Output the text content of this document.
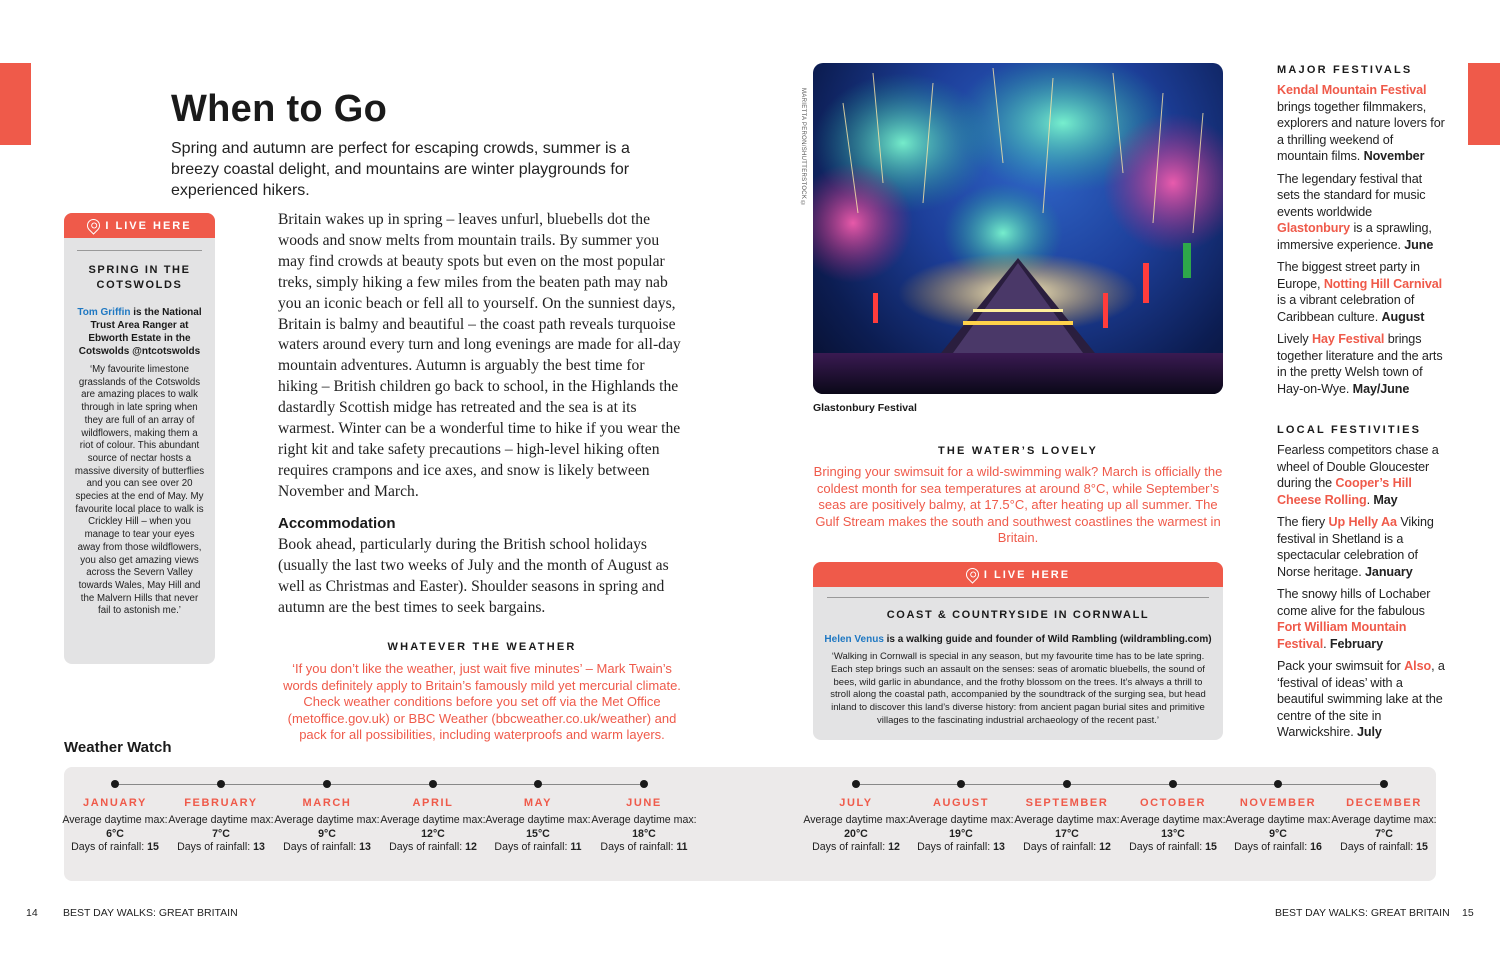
When to Go

Spring and autumn are perfect for escaping crowds, summer is a breezy coastal delight, and mountains are winter playgrounds for experienced hikers.

I LIVE HERE
SPRING IN THE
COTSWOLDS

Tom Griffin is the National Trust Area Ranger at Ebworth Estate in the Cotswolds @ntcotswolds

‘My favourite limestone grasslands of the Cotswolds are amazing places to walk through in late spring when they are full of an array of wildflowers, making them a riot of colour. This abundant source of nectar hosts a massive diversity of butterflies and you can see over 20 species at the end of May. My favourite local place to walk is Crickley Hill – when you manage to tear your eyes away from those wildflowers, you also get amazing views across the Severn Valley towards Wales, May Hill and the Malvern Hills that never fail to astonish me.’

Britain wakes up in spring – leaves unfurl, bluebells dot the woods and snow melts from mountain trails. By summer you may find crowds at beauty spots but even on the most popular treks, simply hiking a few miles from the beaten path may nab you an iconic beach or fell all to yourself. On the sunniest days, Britain is balmy and beautiful – the coast path reveals turquoise waters around every turn and long evenings are made for all-day mountain adventures. Autumn is arguably the best time for hiking – British children go back to school, in the Highlands the dastardly Scottish midge has retreated and the sea is at its warmest. Winter can be a wonderful time to hike if you wear the right kit and take safety precautions – high-level hiking often requires crampons and ice axes, and snow is likely between November and March.

Accommodation

Book ahead, particularly during the British school holidays (usually the last two weeks of July and the month of August as well as Christmas and Easter). Shoulder seasons in spring and autumn are the best times to seek bargains.

WHATEVER THE WEATHER

‘If you don’t like the weather, just wait five minutes’ – Mark Twain’s words definitely apply to Britain’s famously mild yet mercurial climate. Check weather conditions before you set off via the Met Office (metoffice.gov.uk) or BBC Weather (bbcweather.co.uk/weather) and pack for all possibilities, including waterproofs and warm layers.

MARIETTA PERON/SHUTTERSTOCK ©
Glastonbury Festival
THE WATER’S LOVELY

Bringing your swimsuit for a wild-swimming walk? March is officially the coldest month for sea temperatures at around 8°C, while September’s seas are positively balmy, at 17.5°C, after heating up all summer. The Gulf Stream makes the south and southwest coastlines the warmest in Britain.

I LIVE HERE
COAST & COUNTRYSIDE IN CORNWALL

Helen Venus is a walking guide and founder of Wild Rambling (wildrambling.com)

‘Walking in Cornwall is special in any season, but my favourite time has to be late spring. Each step brings such an assault on the senses: seas of aromatic bluebells, the sound of bees, wild garlic in abundance, and the frothy blossom on the trees. It’s always a thrill to stroll along the coastal path, accompanied by the soundtrack of the surging sea, but head inland to discover this land’s diverse history: from ancient pagan burial sites and primitive villages to the fascinating industrial archaeology of the recent past.’

MAJOR FESTIVALS

Kendal Mountain Festival brings together filmmakers, explorers and nature lovers for a thrilling weekend of mountain films. November

The legendary festival that sets the standard for music events worldwide Glastonbury is a sprawling, immersive experience. June

The biggest street party in Europe, Notting Hill Carnival is a vibrant celebration of Caribbean culture. August

Lively Hay Festival brings together literature and the arts in the pretty Welsh town of Hay-on-Wye. May/June

LOCAL FESTIVITIES

Fearless competitors chase a wheel of Double Gloucester during the Cooper’s Hill Cheese Rolling. May

The fiery Up Helly Aa Viking festival in Shetland is a spectacular celebration of Norse heritage. January

The snowy hills of Lochaber come alive for the fabulous Fort William Mountain Festival. February

Pack your swimsuit for Also, a ‘festival of ideas’ with a beautiful swimming lake at the centre of the site in Warwickshire. July

Weather Watch
JANUARY
Average daytime max: 6°C
Days of rainfall: 15
FEBRUARY
Average daytime max: 7°C
Days of rainfall: 13
MARCH
Average daytime max: 9°C
Days of rainfall: 13
APRIL
Average daytime max: 12°C
Days of rainfall: 12
MAY
Average daytime max: 15°C
Days of rainfall: 11
JUNE
Average daytime max: 18°C
Days of rainfall: 11
JULY
Average daytime max: 20°C
Days of rainfall: 12
AUGUST
Average daytime max: 19°C
Days of rainfall: 13
SEPTEMBER
Average daytime max: 17°C
Days of rainfall: 12
OCTOBER
Average daytime max: 13°C
Days of rainfall: 15
NOVEMBER
Average daytime max: 9°C
Days of rainfall: 16
DECEMBER
Average daytime max: 7°C
Days of rainfall: 15
14 BEST DAY WALKS: GREAT BRITAIN	BEST DAY WALKS: GREAT BRITAIN 15
